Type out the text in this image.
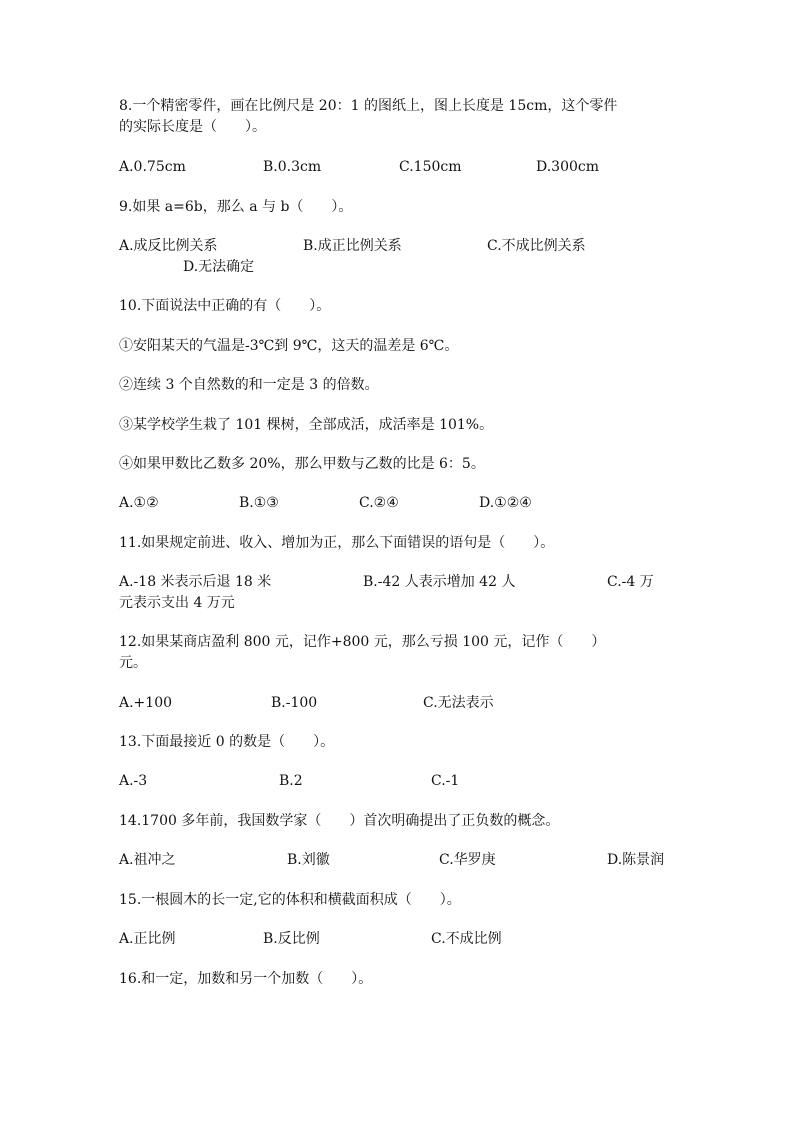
8.一个精密零件，画在比例尺是 20：1 的图纸上，图上长度是 15cm，这个零件
的实际长度是（　　）。
A.0.75cm	B.0.3cm	C.150cm	D.300cm
9.如果 a=6b，那么 a 与 b（　　）。
A.成反比例关系	B.成正比例关系	C.不成比例关系
D.无法确定
10.下面说法中正确的有（　　）。
①安阳某天的气温是-3℃到 9℃，这天的温差是 6℃。
②连续 3 个自然数的和一定是 3 的倍数。
③某学校学生栽了 101 棵树，全部成活，成活率是 101%。
④如果甲数比乙数多 20%，那么甲数与乙数的比是 6：5。
A.①②	B.①③	C.②④	D.①②④
11.如果规定前进、收入、增加为正，那么下面错误的语句是（　　）。
A.-18 米表示后退 18 米	B.-42 人表示增加 42 人	C.-4 万
元表示支出 4 万元
12.如果某商店盈利 800 元，记作+800 元，那么亏损 100 元，记作（　　）
元。
A.+100	B.-100	C.无法表示
13.下面最接近 0 的数是（　　）。
A.-3	B.2	C.-1
14.1700 多年前，我国数学家（　　）首次明确提出了正负数的概念。
A.祖冲之	B.刘徽	C.华罗庚	D.陈景润
15.一根圆木的长一定,它的体积和横截面积成（　　）。
A.正比例	B.反比例	C.不成比例
16.和一定，加数和另一个加数（　　）。
